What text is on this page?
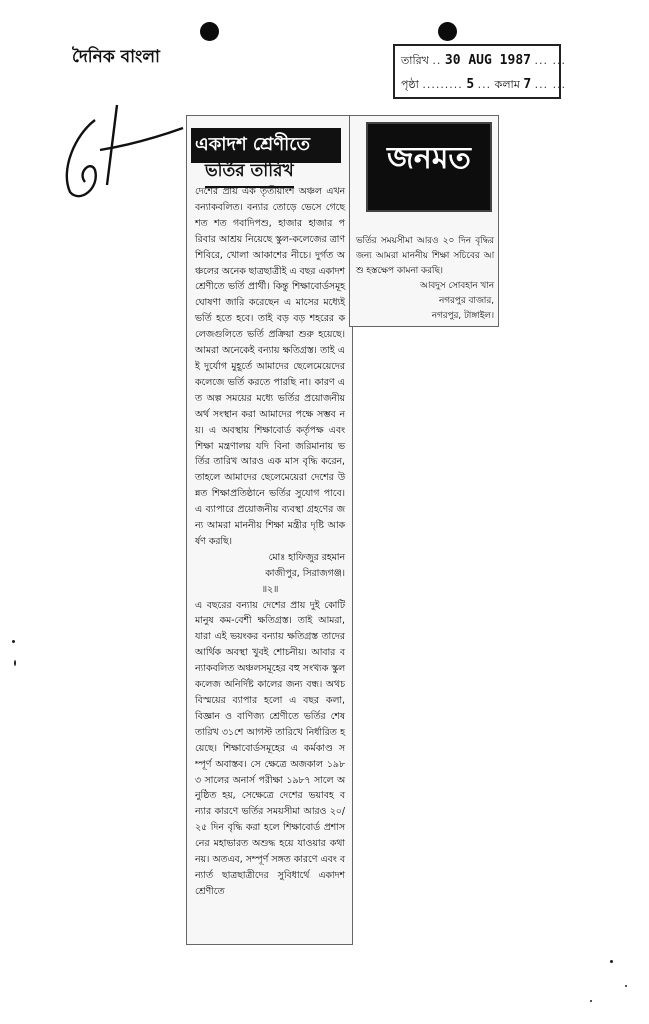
দৈনিক বাংলা	তারিখ .. 30 AUG 1987 ... ...
পৃষ্ঠা ......... 5 ... কলাম 7 ... ...
একাদশ শ্রেণীতে
ভর্তির তারিখ

দেশের প্রায় এক তৃতীয়াংশ অঞ্চল এখন বন্যাকবলিত। বন্যার তোড়ে ভেসে গেছে শত শত গবাদিপশু, হাজার হাজার পরিবার আশ্রয় নিয়েছে স্কুল-কলেজের ত্রাণ শিবিরে, খোলা আকাশের নীচে। দুর্গত অঞ্চলের অনেক ছাত্রছাত্রীই এ বছর একাদশ শ্রেণীতে ভর্তি প্রার্থী। কিন্তু শিক্ষাবোর্ডসমূহ ঘোষণা জারি করেছেন এ মাসের মধ্যেই ভর্তি হতে হবে। তাই বড় বড় শহরের কলেজগুলিতে ভর্তি প্রক্রিয়া শুরু হয়েছে। আমরা অনেকেই বন্যায় ক্ষতিগ্রস্ত। তাই এই দুর্যোগ মুহূর্তে আমাদের ছেলেমেয়েদের কলেজে ভর্তি করতে পারছি না। কারণ এত অল্প সময়ের মধ্যে ভর্তির প্রয়োজনীয় অর্থ সংস্থান করা আমাদের পক্ষে সম্ভব নয়। এ অবস্থায় শিক্ষাবোর্ড কর্তৃপক্ষ এবং শিক্ষা মন্ত্রণালয় যদি বিনা জরিমানায় ভর্তির তারিখ আরও এক মাস বৃদ্ধি করেন, তাহলে আমাদের ছেলেমেয়েরা দেশের উন্নত শিক্ষাপ্রতিষ্ঠানে ভর্তির সুযোগ পাবে। এ ব্যাপারে প্রয়োজনীয় ব্যবস্থা গ্রহণের জন্য আমরা মাননীয় শিক্ষা মন্ত্রীর দৃষ্টি আকর্ষণ করছি।

মোঃ হাফিজুর রহমান

কাজীপুর, সিরাজগঞ্জ।

॥২॥

এ বছরের বন্যায় দেশের প্রায় দুই কোটি মানুষ কম-বেশী ক্ষতিগ্রস্ত। তাই আমরা, যারা এই ভয়ংকর বন্যায় ক্ষতিগ্রস্ত তাদের আর্থিক অবস্থা খুবই শোচনীয়। আবার বন্যাকবলিত অঞ্চলসমূহের বহু সংখ্যক স্কুল কলেজ অনির্দিষ্ট কালের জন্য বন্ধ। অথচ বিস্ময়ের ব্যাপার হলো এ বছর কলা, বিজ্ঞান ও বাণিজ্য শ্রেণীতে ভর্তির শেষ তারিখ ৩১শে আগস্ট তারিখে নির্ধারিত হয়েছে। শিক্ষাবোর্ডসমূহের এ কর্মকাণ্ড সম্পূর্ণ অবাস্তব। সে ক্ষেত্রে অজকাল ১৯৮৩ সালের অনার্স পরীক্ষা ১৯৮৭ সালে অনুষ্ঠিত হয়, সেক্ষেত্রে দেশের ভয়াবহ বন্যার কারণে ভর্তির সময়সীমা আরও ২০/২৫ দিন বৃদ্ধি করা হলে শিক্ষাবোর্ড প্রশাসনের মহাভারত অশুদ্ধ হয়ে যাওয়ার কথা নয়। অতএব, সম্পূর্ণ সঙ্গত কারণে এবং বন্যার্ত ছাত্রছাত্রীদের সুবিধার্থে একাদশ শ্রেণীতে

জনমত

ভর্তির সময়সীমা আরও ২০ দিন বৃদ্ধির জন্য আমরা মাননীয় শিক্ষা সচিবের আশু হস্তক্ষেপ কামনা করছি।

আবদুস সোবহান খান

নগরপুর বাজার,

নগরপুর, টাঙ্গাইল।
